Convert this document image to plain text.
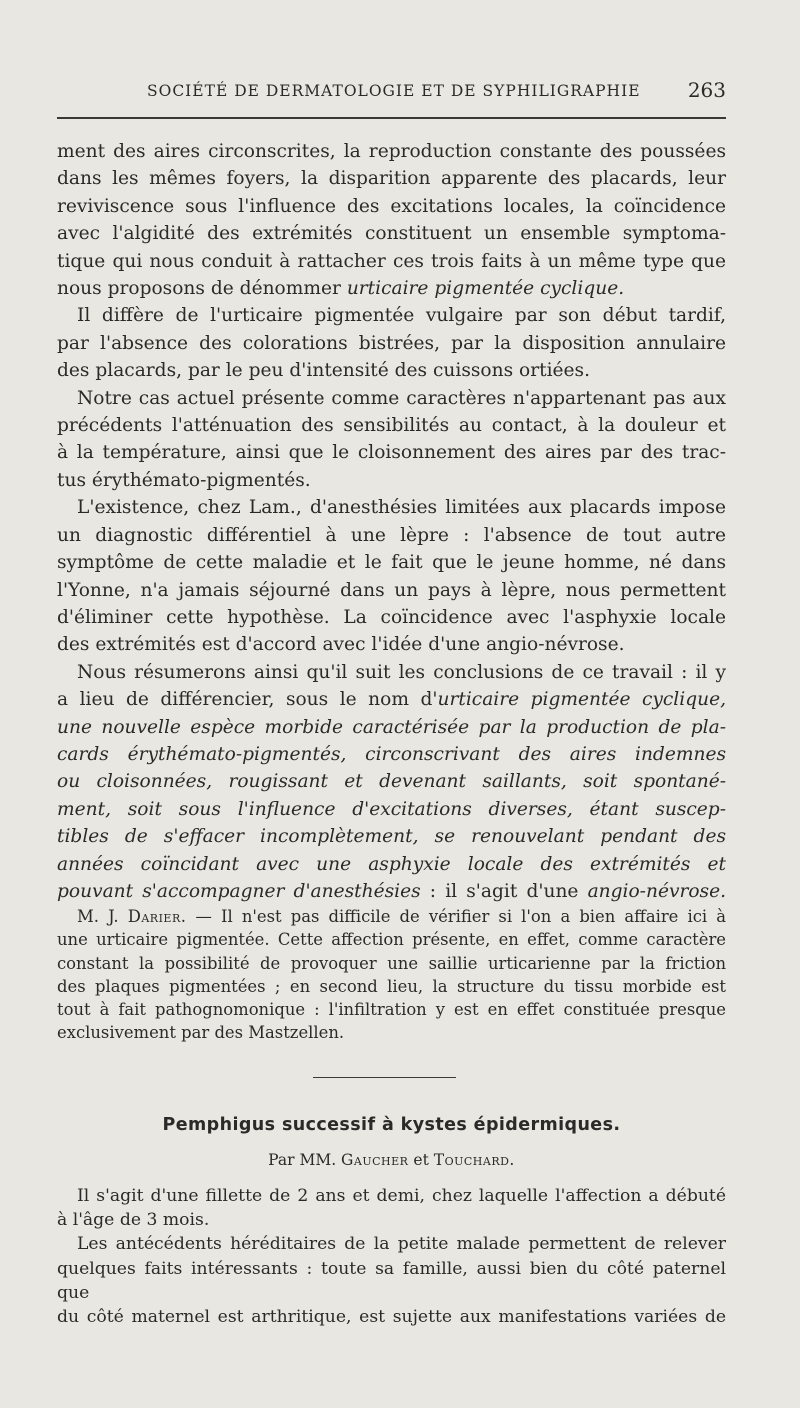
SOCIÉTÉ DE DERMATOLOGIE ET DE SYPHILIGRAPHIE 263

ment des aires circonscrites, la reproduction constante des poussées
dans les mêmes foyers, la disparition apparente des placards, leur
reviviscence sous l'influence des excitations locales, la coïncidence
avec l'algidité des extrémités constituent un ensemble symptoma-
tique qui nous conduit à rattacher ces trois faits à un même type que
nous proposons de dénommer urticaire pigmentée cyclique.

Il diffère de l'urticaire pigmentée vulgaire par son début tardif,
par l'absence des colorations bistrées, par la disposition annulaire
des placards, par le peu d'intensité des cuissons ortiées.

Notre cas actuel présente comme caractères n'appartenant pas aux
précédents l'atténuation des sensibilités au contact, à la douleur et
à la température, ainsi que le cloisonnement des aires par des trac-
tus érythémato-pigmentés.

L'existence, chez Lam., d'anesthésies limitées aux placards impose
un diagnostic différentiel à une lèpre : l'absence de tout autre
symptôme de cette maladie et le fait que le jeune homme, né dans
l'Yonne, n'a jamais séjourné dans un pays à lèpre, nous permettent
d'éliminer cette hypothèse. La coïncidence avec l'asphyxie locale
des extrémités est d'accord avec l'idée d'une angio-névrose.

Nous résumerons ainsi qu'il suit les conclusions de ce travail : il y
a lieu de différencier, sous le nom d'urticaire pigmentée cyclique,
une nouvelle espèce morbide caractérisée par la production de pla-
cards érythémato-pigmentés, circonscrivant des aires indemnes
ou cloisonnées, rougissant et devenant saillants, soit spontané-
ment, soit sous l'influence d'excitations diverses, étant suscep-
tibles de s'effacer incomplètement, se renouvelant pendant des
années coïncidant avec une asphyxie locale des extrémités et
pouvant s'accompagner d'anesthésies : il s'agit d'une angio-névrose.

M. J. Darier. — Il n'est pas difficile de vérifier si l'on a bien affaire ici à
une urticaire pigmentée. Cette affection présente, en effet, comme caractère
constant la possibilité de provoquer une saillie urticarienne par la friction
des plaques pigmentées ; en second lieu, la structure du tissu morbide est
tout à fait pathognomonique : l'infiltration y est en effet constituée presque
exclusivement par des Mastzellen.
Pemphigus successif à kystes épidermiques.
Par MM. Gaucher et Touchard.
Il s'agit d'une fillette de 2 ans et demi, chez laquelle l'affection a débuté
à l'âge de 3 mois.
Les antécédents héréditaires de la petite malade permettent de relever
quelques faits intéressants : toute sa famille, aussi bien du côté paternel que
du côté maternel est arthritique, est sujette aux manifestations variées de
